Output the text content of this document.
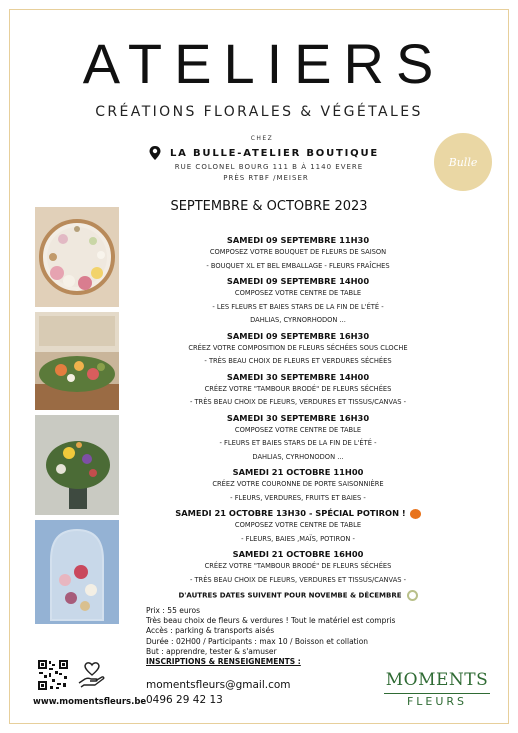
ATELIERS
CRÉATIONS FLORALES & VÉGÉTALES
CHEZ
LA BULLE-ATELIER BOUTIQUE
RUE COLONEL BOURG 111 B À 1140 EVERE
PRÈS RTBF /MEISER
Bulle
SEPTEMBRE & OCTOBRE 2023
SAMEDI 09 SEPTEMBRE 11H30
COMPOSEZ VOTRE BOUQUET DE FLEURS DE SAISON
- BOUQUET XL ET BEL EMBALLAGE - FLEURS FRAÎCHES
SAMEDI 09 SEPTEMBRE 14H00
COMPOSEZ VOTRE CENTRE DE TABLE
- LES FLEURS ET BAIES STARS DE LA FIN DE L'ÉTÉ -
DAHLIAS, CYRNORHODON ...
SAMEDI 09 SEPTEMBRE 16H30
CRÉEZ VOTRE COMPOSITION DE FLEURS SÉCHÉES SOUS CLOCHE
- TRÈS BEAU CHOIX DE FLEURS ET VERDURES SÉCHÉES
SAMEDI 30 SEPTEMBRE 14H00
CRÉEZ VOTRE "TAMBOUR BRODÉ" DE FLEURS SÉCHÉES
- TRÈS BEAU CHOIX DE FLEURS, VERDURES ET TISSUS/CANVAS -
SAMEDI 30 SEPTEMBRE 16H30
COMPOSEZ VOTRE CENTRE DE TABLE
- FLEURS ET BAIES STARS DE LA FIN DE L'ÉTÉ -
DAHLIAS, CYRHONODON ...
SAMEDI 21 OCTOBRE 11H00
CRÉEZ VOTRE COURONNE DE PORTE SAISONNIÈRE
- FLEURS, VERDURES, FRUITS ET BAIES -
SAMEDI 21 OCTOBRE 13H30 - SPÉCIAL POTIRON !
COMPOSEZ VOTRE CENTRE DE TABLE
- FLEURS, BAIES ,MAÏS, POTIRON -
SAMEDI 21 OCTOBRE 16H00
CRÉEZ VOTRE "TAMBOUR BRODÉ" DE FLEURS SÉCHÉES
- TRÈS BEAU CHOIX DE FLEURS, VERDURES ET TISSUS/CANVAS -
D'AUTRES DATES SUIVENT POUR NOVEMBE & DÉCEMBRE
Prix : 55 euros
Très beau choix de fleurs & verdures ! Tout le matériel est compris
Accès : parking & transports aisés
Durée : 02H00 / Participants : max 10 / Boisson et collation
But : apprendre, tester & s'amuser
INSCRIPTIONS & RENSEIGNEMENTS :
momentsfleurs@gmail.com
0496 29 42 13
www.momentsfleurs.be
MOMENTS
FLEURS
